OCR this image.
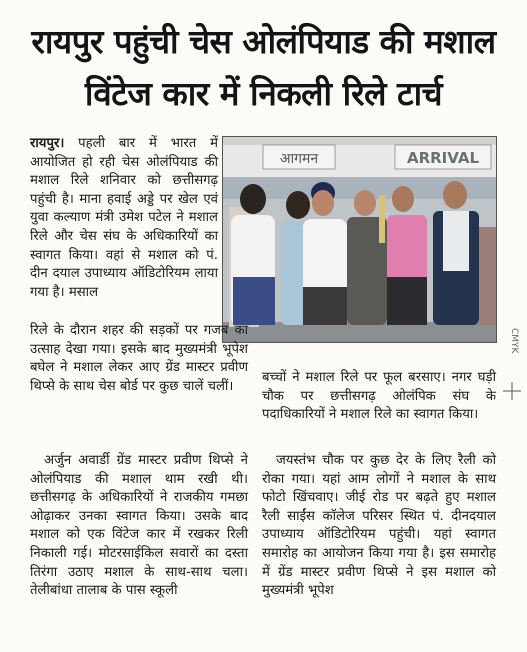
रायपुर पहुंची चेस ओलंपियाड की मशाल
विंटेज कार में निकली रिले टार्च
आगमन	ARRIVAL

रायपुर। पहली बार में भारत में आयोजित हो रही चेस ओलंपियाड की मशाल रिले शनिवार को छत्तीसगढ़ पहुंची है। माना हवाई अड्डे पर खेल एवं युवा कल्याण मंत्री उमेश पटेल ने मशाल रिले और चेस संघ के अधिकारियों का स्वागत किया। वहां से मशाल को पं. दीन दयाल उपाध्याय ऑडिटोरियम लाया गया है। मसाल

रिले के दौरान शहर की सड़कों पर गजब का उत्साह देखा गया। इसके बाद मुख्यमंत्री भूपेश बघेल ने मशाल लेकर आए ग्रेंड मास्टर प्रवीण थिप्से के साथ चेस बोर्ड पर कुछ चालें चलीं।

अर्जुन अवार्डी ग्रेंड मास्टर प्रवीण थिप्से ने ओलंपियाड की मशाल थाम रखी थी। छत्तीसगढ़ के अधिकारियों ने राजकीय गमछा ओढ़ाकर उनका स्वागत किया। उसके बाद मशाल को एक विंटेज कार में रखकर रिली निकाली गई। मोटरसाईकिल सवारों का दस्ता तिरंगा उठाए मशाल के साथ-साथ चला। तेलीबांधा तालाब के पास स्कूली

बच्चों ने मशाल रिले पर फूल बरसाए। नगर घड़ी चौक पर छत्तीसगढ़ ओलंपिक संघ के पदाधिकारियों ने मशाल रिले का स्वागत किया।

जयस्तंभ चौक पर कुछ देर के लिए रैली को रोका गया। यहां आम लोगों ने मशाल के साथ फोटो खिंचवाए। जीई रोड पर बढ़ते हुए मशाल रैली साईंस कॉलेज परिसर स्थित पं. दीनदयाल उपाध्याय ऑडिटोरियम पहुंची। यहां स्वागत समारोह का आयोजन किया गया है। इस समारोह में ग्रेंड मास्टर प्रवीण थिप्से ने इस मशाल को मुख्यमंत्री भूपेश

CMYK
